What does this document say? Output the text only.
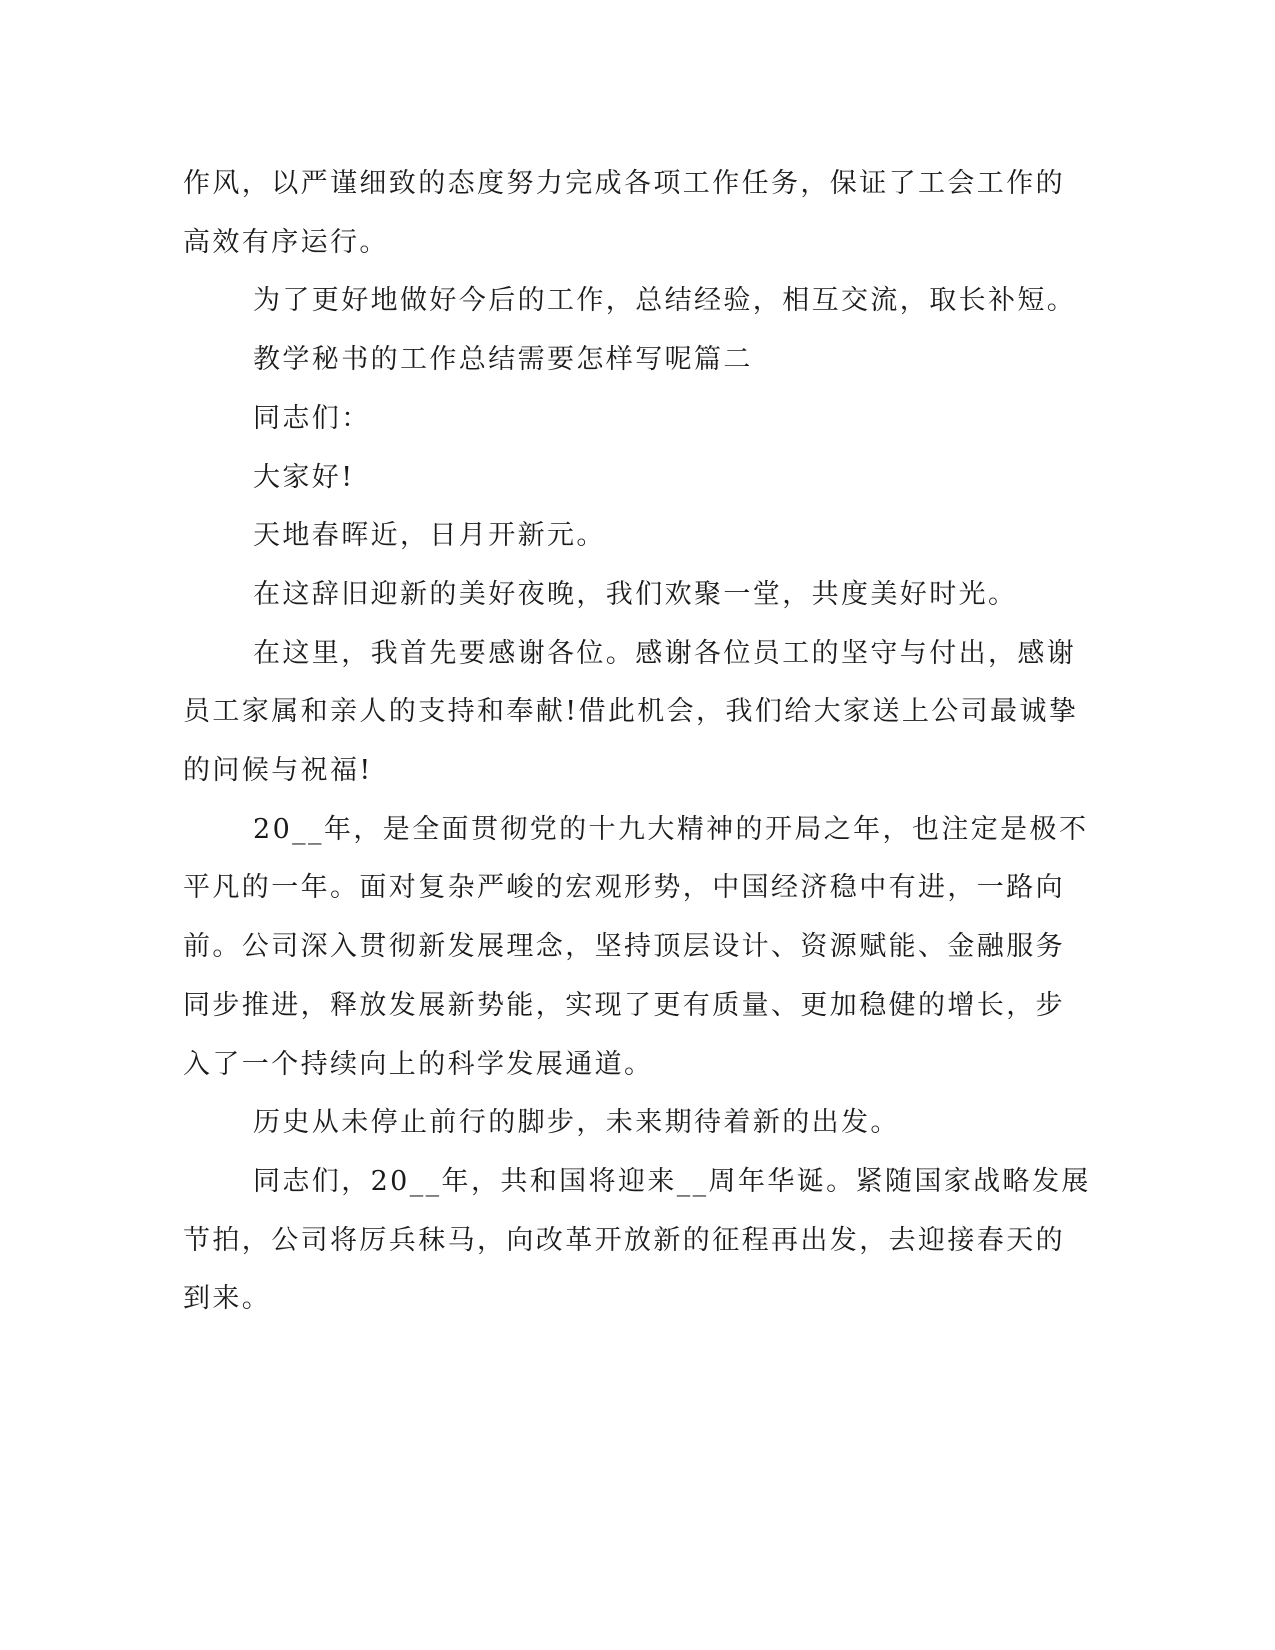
作风，以严谨细致的态度努力完成各项工作任务，保证了工会工作的
高效有序运行。

为了更好地做好今后的工作，总结经验，相互交流，取长补短。

教学秘书的工作总结需要怎样写呢篇二

同志们：

大家好!

天地春晖近，日月开新元。

在这辞旧迎新的美好夜晚，我们欢聚一堂，共度美好时光。

在这里，我首先要感谢各位。感谢各位员工的坚守与付出，感谢
员工家属和亲人的支持和奉献!借此机会，我们给大家送上公司最诚挚
的问候与祝福!

20__年，是全面贯彻党的十九大精神的开局之年，也注定是极不
平凡的一年。面对复杂严峻的宏观形势，中国经济稳中有进，一路向
前。公司深入贯彻新发展理念，坚持顶层设计、资源赋能、金融服务
同步推进，释放发展新势能，实现了更有质量、更加稳健的增长，步
入了一个持续向上的科学发展通道。

历史从未停止前行的脚步，未来期待着新的出发。

同志们，20__年，共和国将迎来__周年华诞。紧随国家战略发展
节拍，公司将厉兵秣马，向改革开放新的征程再出发，去迎接春天的
到来。
